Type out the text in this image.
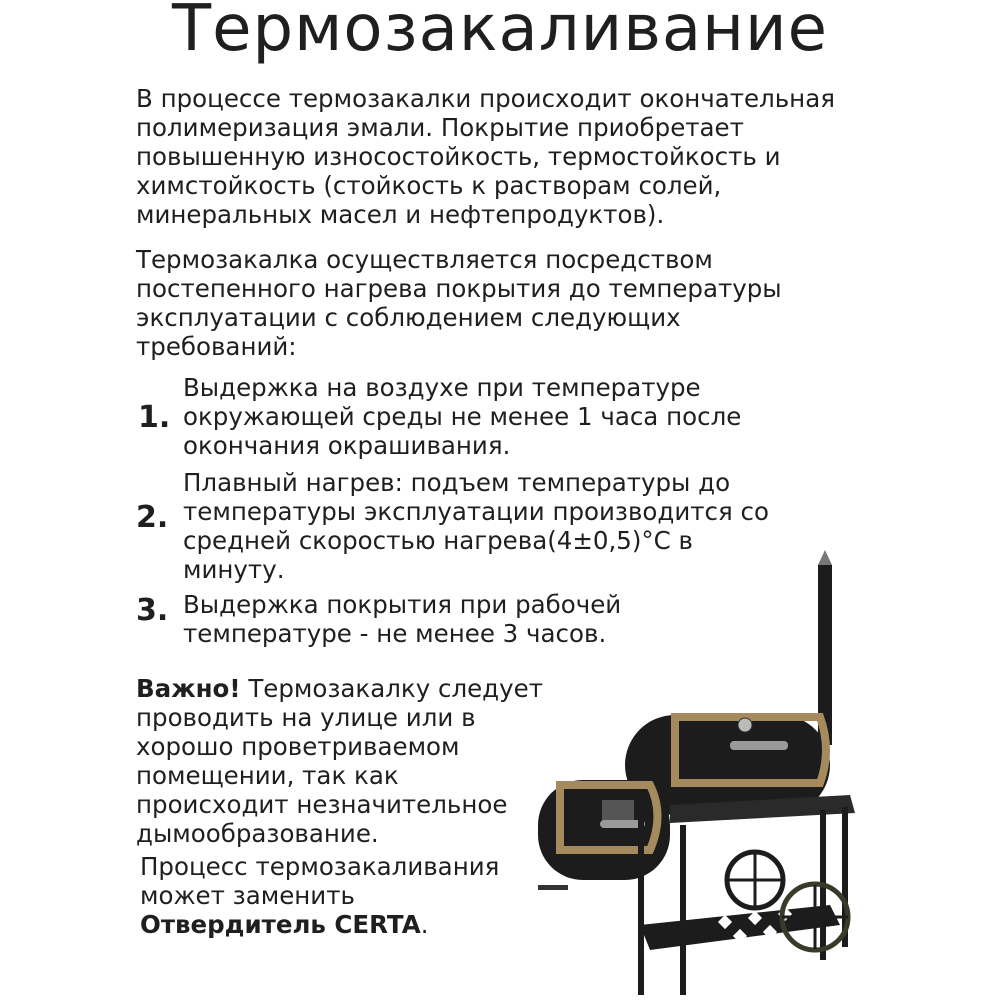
Термозакаливание
В процессе термозакалки происходит окончательная
полимеризация эмали. Покрытие приобретает
повышенную износостойкость, термостойкость и
химстойкость (стойкость к растворам солей,
минеральных масел и нефтепродуктов).
Термозакалка осуществляется посредством
постепенного нагрева покрытия до температуры
эксплуатации с соблюдением следующих
требований:
1.
Выдержка на воздухе при температуре
окружающей среды не менее 1 часа после
окончания окрашивания.
2.
Плавный нагрев: подъем температуры до
температуры эксплуатации производится со
средней скоростью нагрева(4±0,5)°С в
минуту.
3. Выдержка покрытия при рабочей
температуре - не менее 3 часов.
Важно! Термозакалку следует
проводить на улице или в
хорошо проветриваемом
помещении, так как
происходит незначительное
дымообразование.
Процесс термозакаливания
может заменить
Отвердитель CERTA.
